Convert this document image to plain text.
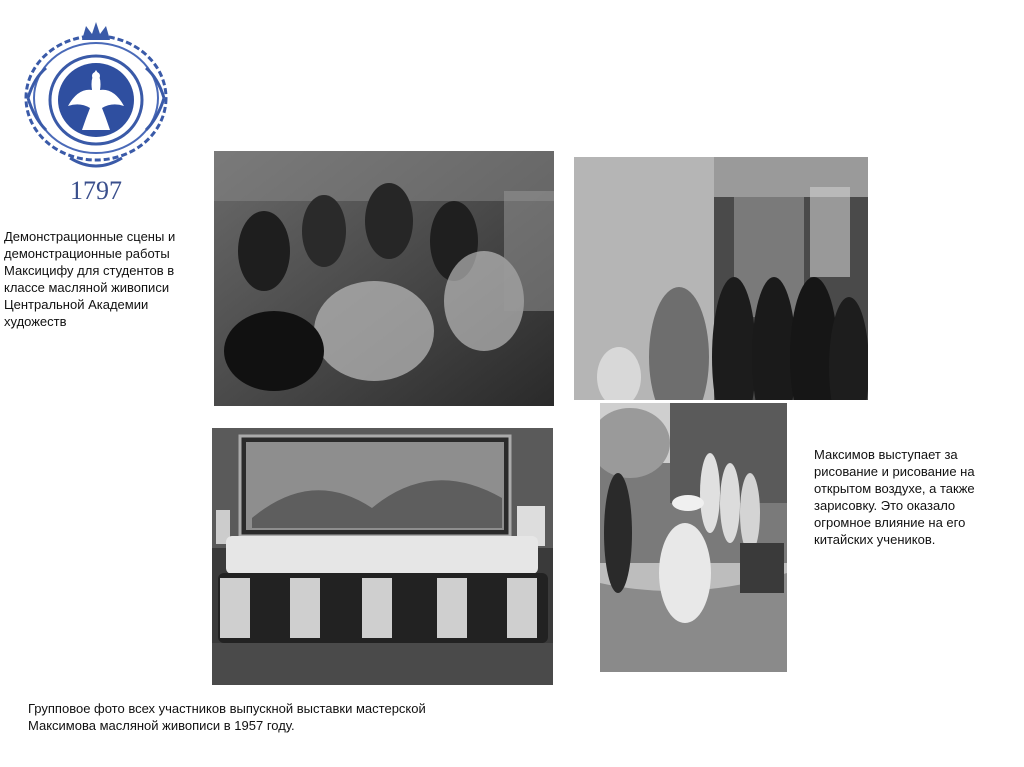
1797
Демонстрационные сцены и демонстрационные работы Максицифу для студентов в классе масляной живописи Центральной Академии художеств
Максимов выступает за рисование и рисование на открытом воздухе, а также зарисовку. Это оказало огромное влияние на его китайских учеников.
Групповое фото всех участников выпускной выставки мастерской Максимова масляной живописи в 1957 году.
